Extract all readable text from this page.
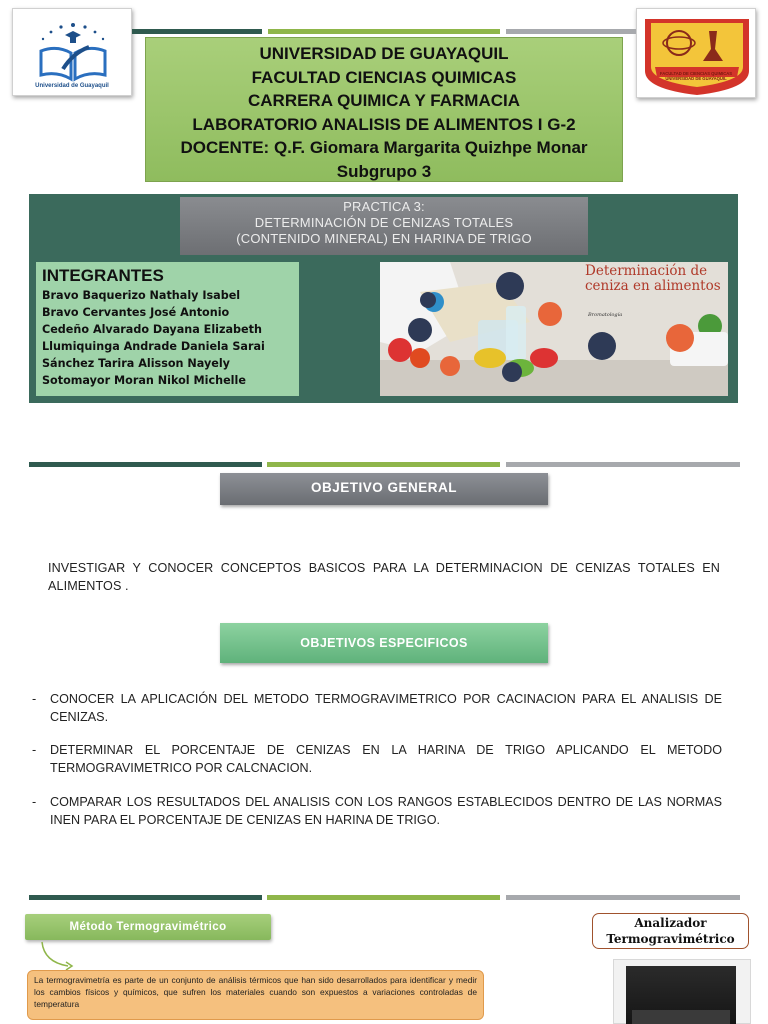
Universidad de Guayaquil
FACULTAD DE CIENCIAS QUIMICAS UNIVERSIDAD DE GUAYAQUIL
UNIVERSIDAD DE GUAYAQUIL
FACULTAD CIENCIAS QUIMICAS
CARRERA QUIMICA Y FARMACIA
LABORATORIO ANALISIS DE ALIMENTOS I G-2
DOCENTE: Q.F. Giomara Margarita Quizhpe Monar
Subgrupo 3
PRACTICA 3:
DETERMINACIÓN DE CENIZAS TOTALES
(CONTENIDO MINERAL) EN HARINA DE TRIGO
INTEGRANTES
Bravo Baquerizo Nathaly Isabel
Bravo Cervantes José Antonio
Cedeño Alvarado Dayana Elizabeth
Llumiquinga Andrade Daniela Sarai
Sánchez Tarira Alisson Nayely
Sotomayor Moran Nikol Michelle
Determinación de ceniza en alimentos
Bromatología
OBJETIVO GENERAL
INVESTIGAR Y CONOCER CONCEPTOS BASICOS PARA LA DETERMINACION DE CENIZAS TOTALES EN ALIMENTOS .
OBJETIVOS ESPECIFICOS
- CONOCER LA APLICACIÓN DEL METODO TERMOGRAVIMETRICO POR CACINACION PARA EL ANALISIS DE CENIZAS.
- DETERMINAR EL PORCENTAJE DE CENIZAS EN LA HARINA DE TRIGO APLICANDO EL METODO TERMOGRAVIMETRICO POR CALCNACION.
- COMPARAR LOS RESULTADOS DEL ANALISIS CON LOS RANGOS ESTABLECIDOS DENTRO DE LAS NORMAS INEN PARA EL PORCENTAJE DE CENIZAS EN HARINA DE TRIGO.
Método Termogravimétrico
La termogravimetría es parte de un conjunto de análisis térmicos que han sido desarrollados para identificar y medir los cambios físicos y químicos, que sufren los materiales cuando son expuestos a variaciones controladas de temperatura
Analizador
Termogravimétrico
